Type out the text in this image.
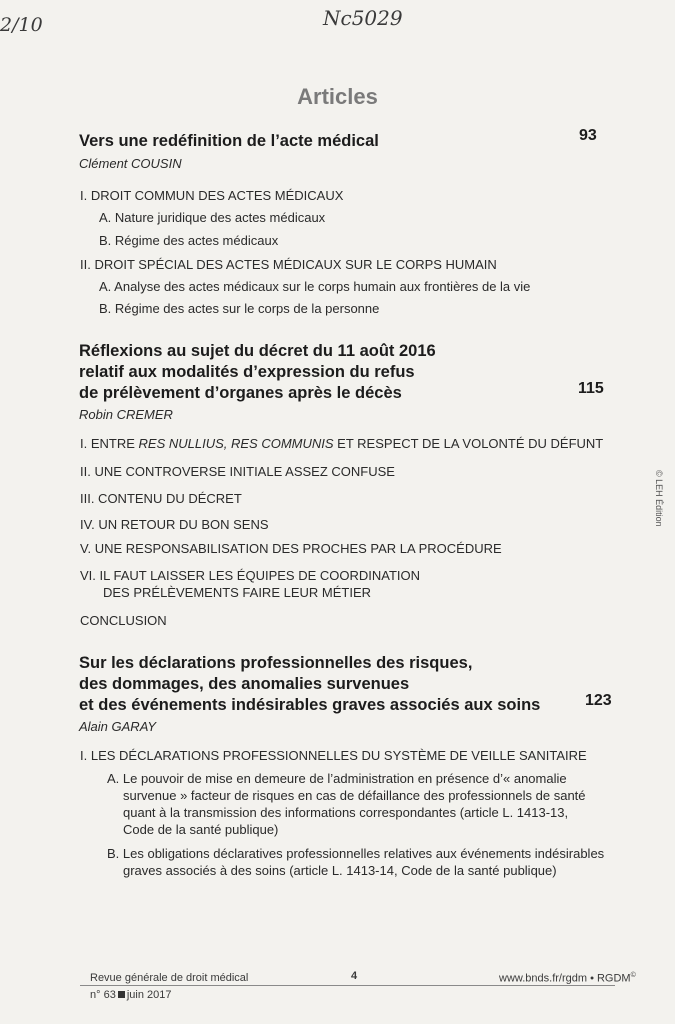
2/10	Nc5029
Articles
Vers une redéfinition de l’acte médical	93
Clément COUSIN
I. DROIT COMMUN DES ACTES MÉDICAUX
A. Nature juridique des actes médicaux
B. Régime des actes médicaux
II. DROIT SPÉCIAL DES ACTES MÉDICAUX SUR LE CORPS HUMAIN
A. Analyse des actes médicaux sur le corps humain aux frontières de la vie
B. Régime des actes sur le corps de la personne
Réflexions au sujet du décret du 11 août 2016
relatif aux modalités d’expression du refus
de prélèvement d’organes après le décès	115
Robin CREMER
I. ENTRE RES NULLIUS, RES COMMUNIS ET RESPECT DE LA VOLONTÉ DU DÉFUNT
II. UNE CONTROVERSE INITIALE ASSEZ CONFUSE
III. CONTENU DU DÉCRET
IV. UN RETOUR DU BON SENS
V. UNE RESPONSABILISATION DES PROCHES PAR LA PROCÉDURE
VI. IL FAUT LAISSER LES ÉQUIPES DE COORDINATION
DES PRÉLÈVEMENTS FAIRE LEUR MÉTIER
CONCLUSION
Sur les déclarations professionnelles des risques,
des dommages, des anomalies survenues
et des événements indésirables graves associés aux soins	123
Alain GARAY
I. LES DÉCLARATIONS PROFESSIONNELLES DU SYSTÈME DE VEILLE SANITAIRE
A. Le pouvoir de mise en demeure de l’administration en présence d’« anomalie
survenue » facteur de risques en cas de défaillance des professionnels de santé
quant à la transmission des informations correspondantes (article L. 1413-13,
Code de la santé publique)
B. Les obligations déclaratives professionnelles relatives aux événements indésirables
graves associés à des soins (article L. 1413-14, Code de la santé publique)
© LEH Édition
Revue générale de droit médical	4	www.bnds.fr/rgdm • RGDM©
n° 63 juin 2017
